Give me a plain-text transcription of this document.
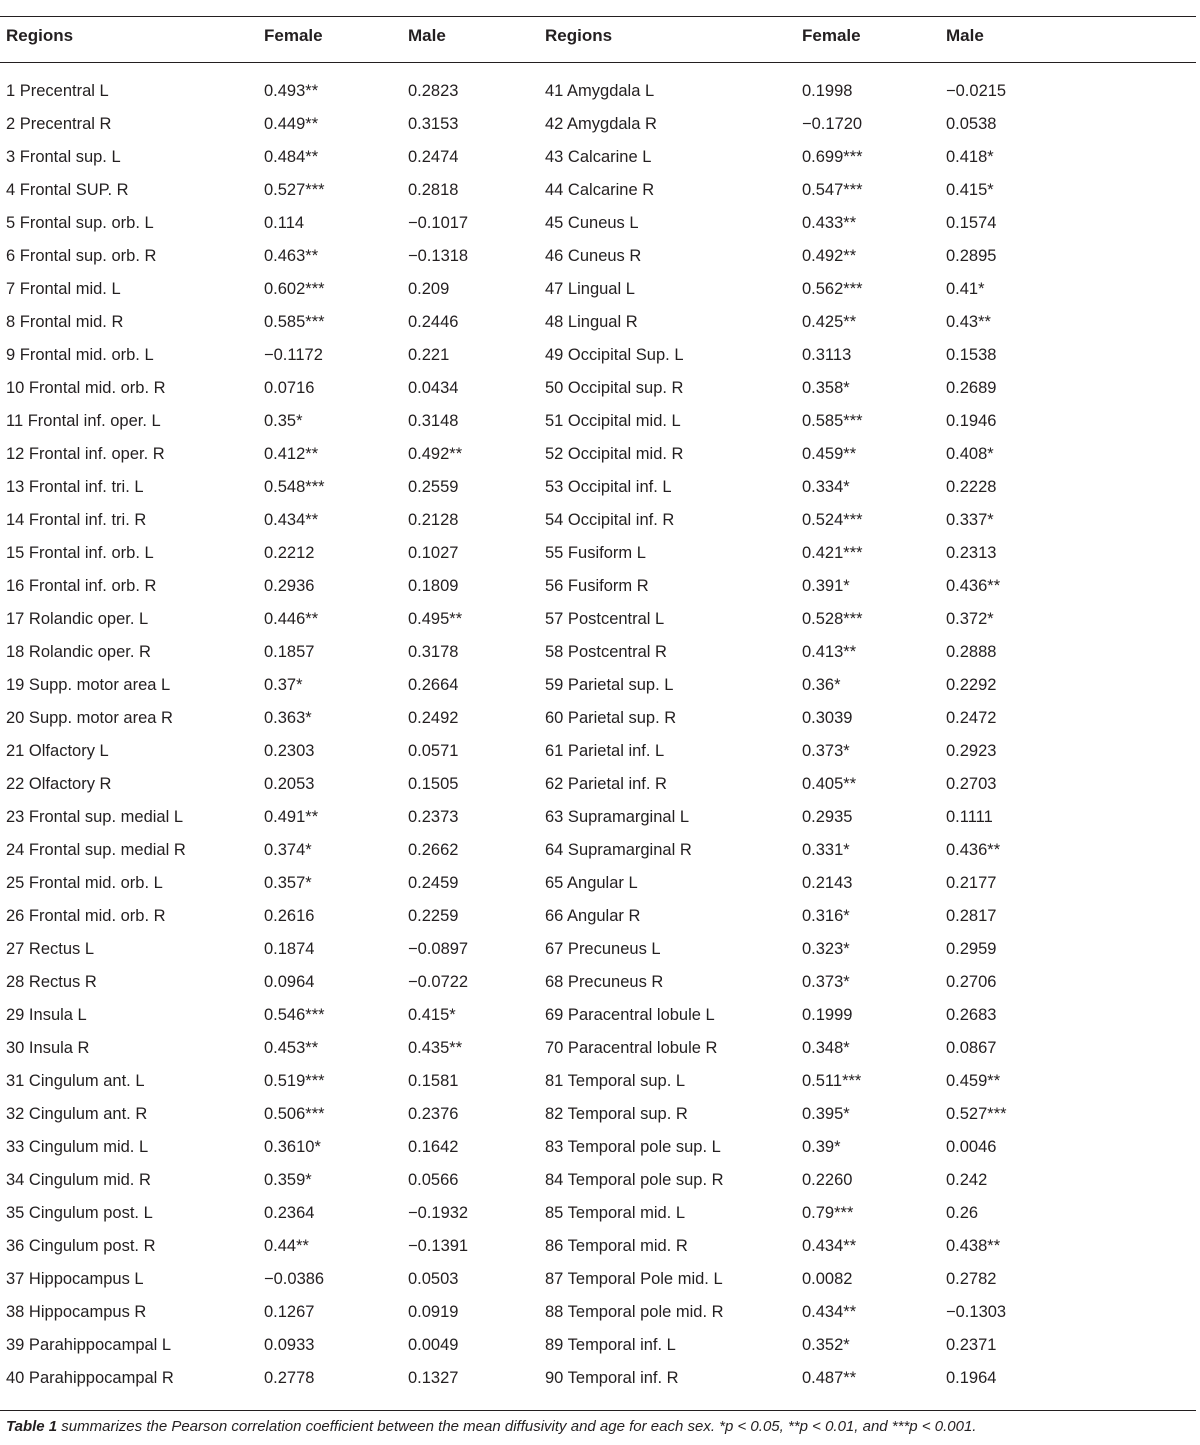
Regions	Female	Male	Regions	Female	Male
1 Precentral L	0.493**	0.2823	41 Amygdala L	0.1998	−0.0215
2 Precentral R	0.449**	0.3153	42 Amygdala R	−0.1720	0.0538
3 Frontal sup. L	0.484**	0.2474	43 Calcarine L	0.699***	0.418*
4 Frontal SUP. R	0.527***	0.2818	44 Calcarine R	0.547***	0.415*
5 Frontal sup. orb. L	0.114	−0.1017	45 Cuneus L	0.433**	0.1574
6 Frontal sup. orb. R	0.463**	−0.1318	46 Cuneus R	0.492**	0.2895
7 Frontal mid. L	0.602***	0.209	47 Lingual L	0.562***	0.41*
8 Frontal mid. R	0.585***	0.2446	48 Lingual R	0.425**	0.43**
9 Frontal mid. orb. L	−0.1172	0.221	49 Occipital Sup. L	0.3113	0.1538
10 Frontal mid. orb. R	0.0716	0.0434	50 Occipital sup. R	0.358*	0.2689
11 Frontal inf. oper. L	0.35*	0.3148	51 Occipital mid. L	0.585***	0.1946
12 Frontal inf. oper. R	0.412**	0.492**	52 Occipital mid. R	0.459**	0.408*
13 Frontal inf. tri. L	0.548***	0.2559	53 Occipital inf. L	0.334*	0.2228
14 Frontal inf. tri. R	0.434**	0.2128	54 Occipital inf. R	0.524***	0.337*
15 Frontal inf. orb. L	0.2212	0.1027	55 Fusiform L	0.421***	0.2313
16 Frontal inf. orb. R	0.2936	0.1809	56 Fusiform R	0.391*	0.436**
17 Rolandic oper. L	0.446**	0.495**	57 Postcentral L	0.528***	0.372*
18 Rolandic oper. R	0.1857	0.3178	58 Postcentral R	0.413**	0.2888
19 Supp. motor area L	0.37*	0.2664	59 Parietal sup. L	0.36*	0.2292
20 Supp. motor area R	0.363*	0.2492	60 Parietal sup. R	0.3039	0.2472
21 Olfactory L	0.2303	0.0571	61 Parietal inf. L	0.373*	0.2923
22 Olfactory R	0.2053	0.1505	62 Parietal inf. R	0.405**	0.2703
23 Frontal sup. medial L	0.491**	0.2373	63 Supramarginal L	0.2935	0.1111
24 Frontal sup. medial R	0.374*	0.2662	64 Supramarginal R	0.331*	0.436**
25 Frontal mid. orb. L	0.357*	0.2459	65 Angular L	0.2143	0.2177
26 Frontal mid. orb. R	0.2616	0.2259	66 Angular R	0.316*	0.2817
27 Rectus L	0.1874	−0.0897	67 Precuneus L	0.323*	0.2959
28 Rectus R	0.0964	−0.0722	68 Precuneus R	0.373*	0.2706
29 Insula L	0.546***	0.415*	69 Paracentral lobule L	0.1999	0.2683
30 Insula R	0.453**	0.435**	70 Paracentral lobule R	0.348*	0.0867
31 Cingulum ant. L	0.519***	0.1581	81 Temporal sup. L	0.511***	0.459**
32 Cingulum ant. R	0.506***	0.2376	82 Temporal sup. R	0.395*	0.527***
33 Cingulum mid. L	0.3610*	0.1642	83 Temporal pole sup. L	0.39*	0.0046
34 Cingulum mid. R	0.359*	0.0566	84 Temporal pole sup. R	0.2260	0.242
35 Cingulum post. L	0.2364	−0.1932	85 Temporal mid. L	0.79***	0.26
36 Cingulum post. R	0.44**	−0.1391	86 Temporal mid. R	0.434**	0.438**
37 Hippocampus L	−0.0386	0.0503	87 Temporal Pole mid. L	0.0082	0.2782
38 Hippocampus R	0.1267	0.0919	88 Temporal pole mid. R	0.434**	−0.1303
39 Parahippocampal L	0.0933	0.0049	89 Temporal inf. L	0.352*	0.2371
40 Parahippocampal R	0.2778	0.1327	90 Temporal inf. R	0.487**	0.1964
Table 1 summarizes the Pearson correlation coefficient between the mean diffusivity and age for each sex. *p < 0.05, **p < 0.01, and ***p < 0.001.
